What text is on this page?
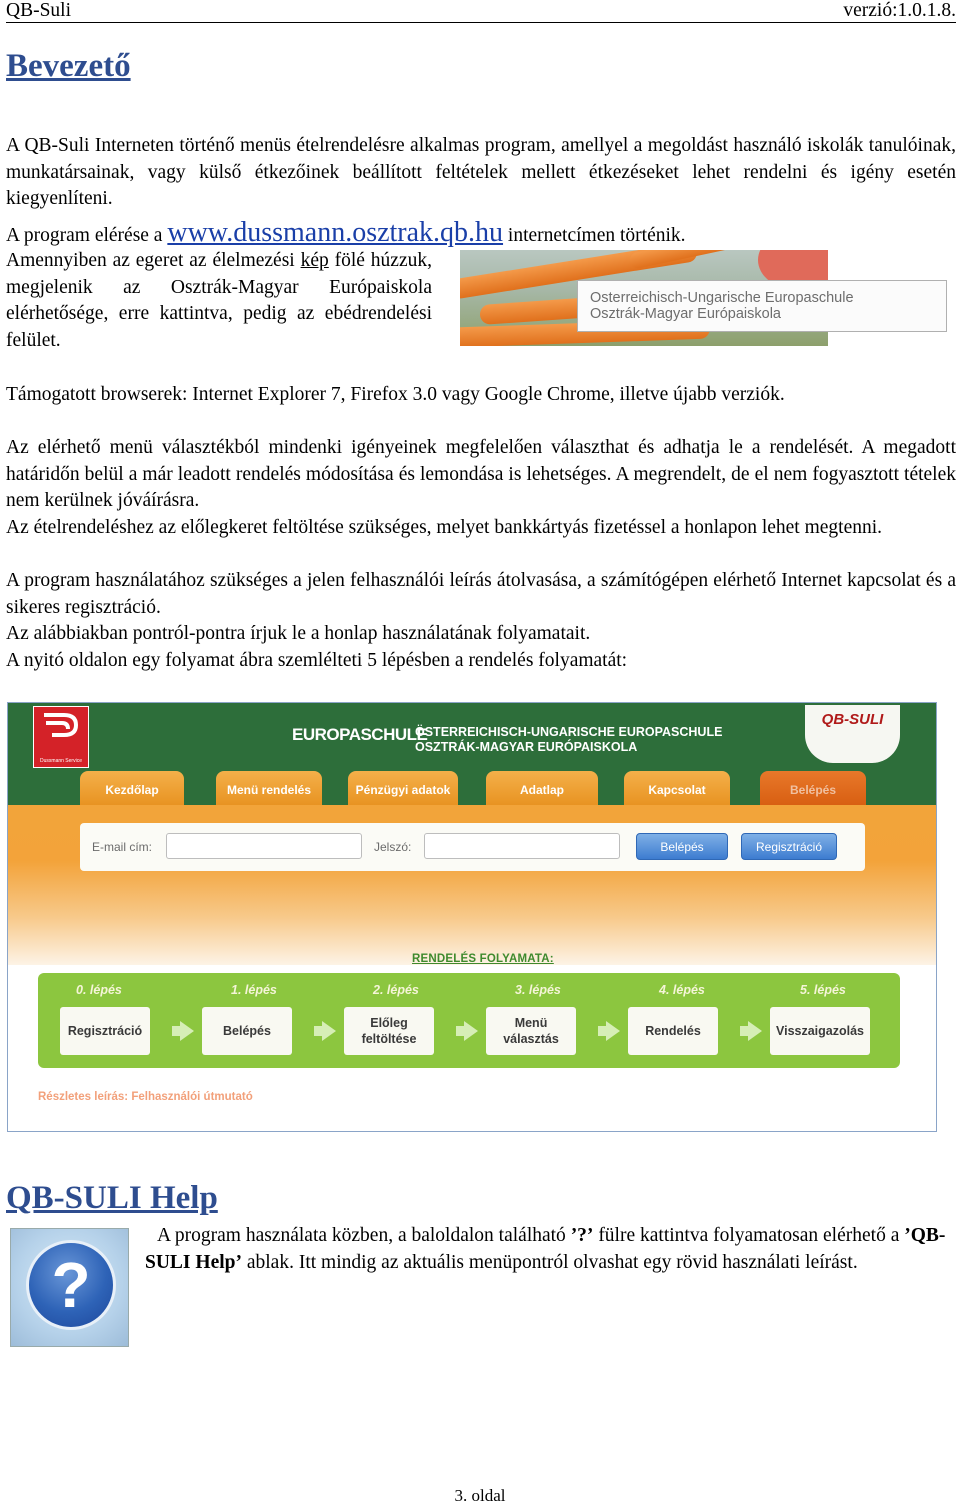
QB-Suli	verzió:1.0.1.8.
Bevezető

A QB-Suli Interneten történő menüs ételrendelésre alkalmas program, amellyel a megoldást használó iskolák tanulóinak, munkatársainak, vagy külső étkezőinek beállított feltételek mellett étkezéseket lehet rendelni és igény esetén kiegyenlíteni.

A program elérése a www.dussmann.osztrak.qb.hu internetcímen történik.

Amennyiben az egeret az élelmezési kép fölé húzzuk, megjelenik az Osztrák-Magyar Európaiskola elérhetősége, erre kattintva, pedig az ebédrendelési felület.

Osterreichisch-Ungarische Europaschule
Osztrák-Magyar Európaiskola

Támogatott browserek: Internet Explorer 7, Firefox 3.0 vagy Google Chrome, illetve újabb verziók.

Az elérhető menü választékból mindenki igényeinek megfelelően választhat és adhatja le a rendelését. A megadott határidőn belül a már leadott rendelés módosítása és lemondása is lehetséges. A megrendelt, de el nem fogyasztott tételek nem kerülnek jóváírásra.

Az ételrendeléshez az előlegkeret feltöltése szükséges, melyet bankkártyás fizetéssel a honlapon lehet megtenni.

A program használatához szükséges a jelen felhasználói leírás átolvasása, a számítógépen elérhető Internet kapcsolat és a sikeres regisztráció.

Az alábbiakban pontról-pontra írjuk le a honlap használatának folyamatait.

A nyitó oldalon egy folyamat ábra szemlélteti 5 lépésben a rendelés folyamatát:

Dussmann Service
EUROPASCHULE
ÖSTERREICHISCH-UNGARISCHE EUROPASCHULE
OSZTRÁK-MAGYAR EURÓPAISKOLA
QB-SULI
Kezdőlap	Menü rendelés	Pénzügyi adatok	Adatlap	Kapcsolat	Belépés
E-mail cím:	Jelszó:	Belépés	Regisztráció
RENDELÉS FOLYAMATA:
0. lépés
Regisztráció
1. lépés
Belépés
2. lépés
Előleg feltöltése
3. lépés
Menü választás
4. lépés
Rendelés
5. lépés
Visszaigazolás
Részletes leírás: Felhasználói útmutató
QB-SULI Help
?
A program használata közben, a baloldalon található ’?’ fülre kattintva folyamatosan elérhető a ’QB-SULI Help’ ablak. Itt mindig az aktuális menüpontról olvashat egy rövid használati leírást.
3. oldal
